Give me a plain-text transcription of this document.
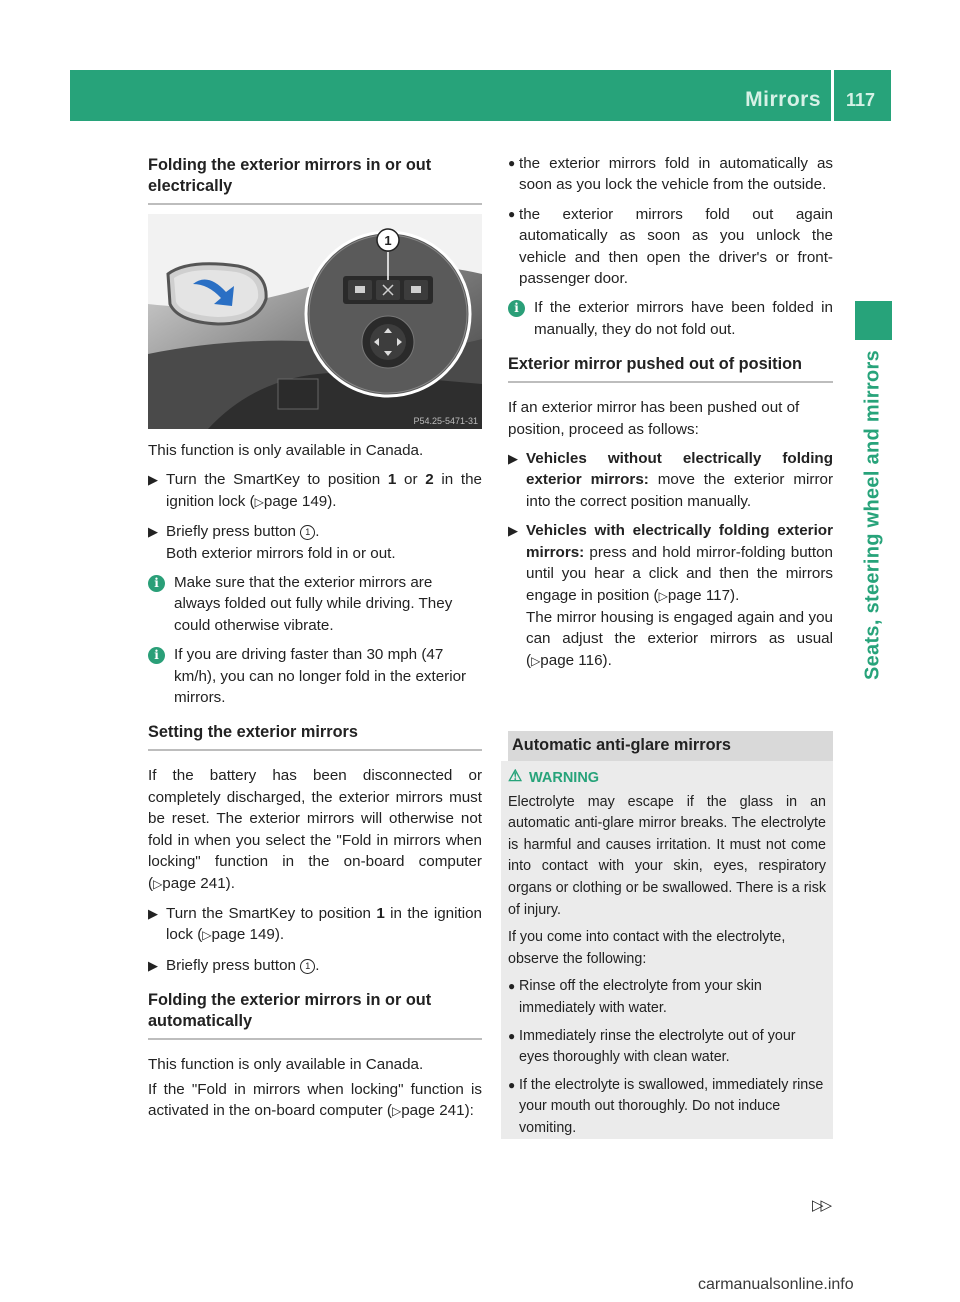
Mirrors 117
Seats, steering wheel and mirrors
Folding the exterior mirrors in or out electrically
1
P54.25-5471-31

This function is only available in Canada.

▶ Turn the SmartKey to position 1 or 2 in the ignition lock (▷page 149).

▶ Briefly press button 1 .
Both exterior mirrors fold in or out.

i	Make sure that the exterior mirrors are always folded out fully while driving. They could otherwise vibrate.

i	If you are driving faster than 30 mph (47 km/h), you can no longer fold in the exterior mirrors.

Setting the exterior mirrors

If the battery has been disconnected or completely discharged, the exterior mirrors must be reset. The exterior mirrors will otherwise not fold in when you select the "Fold in mirrors when locking" function in the on-board computer (▷page 241).

▶ Turn the SmartKey to position 1 in the ignition lock (▷page 149).

▶ Briefly press button 1 .

Folding the exterior mirrors in or out automatically

This function is only available in Canada.

If the "Fold in mirrors when locking" function is activated in the on-board computer (▷page 241):

● the exterior mirrors fold in automatically as soon as you lock the vehicle from the outside.

● the exterior mirrors fold out again automatically as soon as you unlock the vehicle and then open the driver's or front-passenger door.

i	If the exterior mirrors have been folded in manually, they do not fold out.

Exterior mirror pushed out of position

If an exterior mirror has been pushed out of position, proceed as follows:

▶ Vehicles without electrically folding exterior mirrors: move the exterior mirror into the correct position manually.

▶ Vehicles with electrically folding exterior mirrors: press and hold mirror-folding button until you hear a click and then the mirrors engage in position (▷page 117).
The mirror housing is engaged again and you can adjust the exterior mirrors as usual (▷page 116).

Automatic anti-glare mirrors

⚠ WARNING

Electrolyte may escape if the glass in an automatic anti-glare mirror breaks. The electrolyte is harmful and causes irritation. It must not come into contact with your skin, eyes, respiratory organs or clothing or be swallowed. There is a risk of injury.

If you come into contact with the electrolyte, observe the following:

● Rinse off the electrolyte from your skin immediately with water.

● Immediately rinse the electrolyte out of your eyes thoroughly with clean water.

● If the electrolyte is swallowed, immediately rinse your mouth out thoroughly. Do not induce vomiting.

▷▷
carmanualsonline.info
